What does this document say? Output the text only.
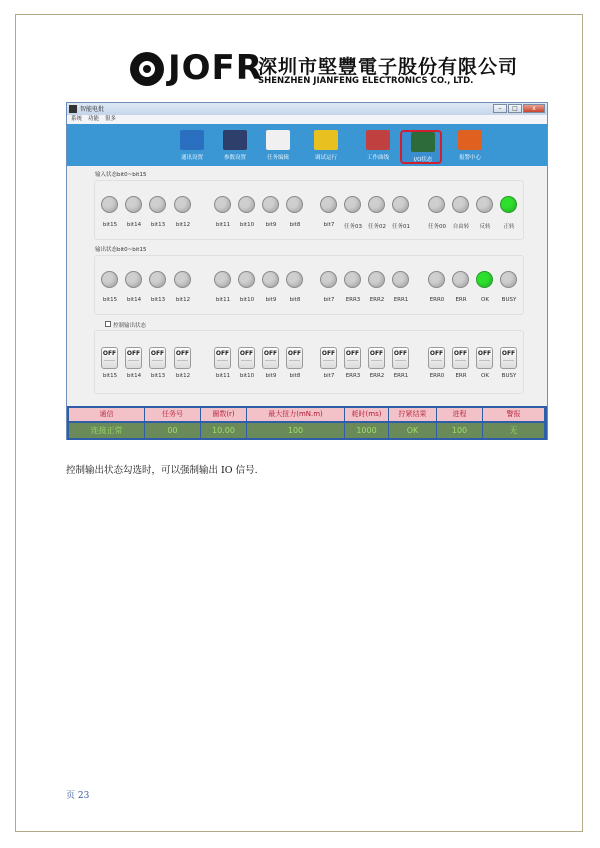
JOFR
深圳市堅豐電子股份有限公司
SHENZHEN JIANFENG ELECTRONICS CO., LTD.
智能电批	–	□	x
系统 功能 很多
通讯设置	参数设置	任务编辑	调试运行	工作曲线	I/O状态	报警中心
输入状态bit0~bit15
输出状态bit0~bit15
控制输出状态
bit15	bit14	bit13	bit12	bit11	bit10	bit9	bit8	bit7	任务03	任务02	任务01	任务00	自由转	反转	正转
bit15	bit14	bit13	bit12	bit11	bit10	bit9	bit8	bit7	ERR3	ERR2	ERR1	ERR0	ERR	OK	BUSY
OFF
bit15
OFF
bit14
OFF
bit13
OFF
bit12
OFF
bit11
OFF
bit10
OFF
bit9
OFF
bit8
OFF
bit7
OFF
ERR3
OFF
ERR2
OFF
ERR1
OFF
ERR0
OFF
ERR
OFF
OK
OFF
BUSY
通信	任务号	圈数(r)	最大扭力(mN.m)	耗时(ms)	拧紧结果	进程	警报
连接正常	00	10.00	100	1000	OK	100	无
控制输出状态勾选时，可以强制输出 IO 信号.
页 23
